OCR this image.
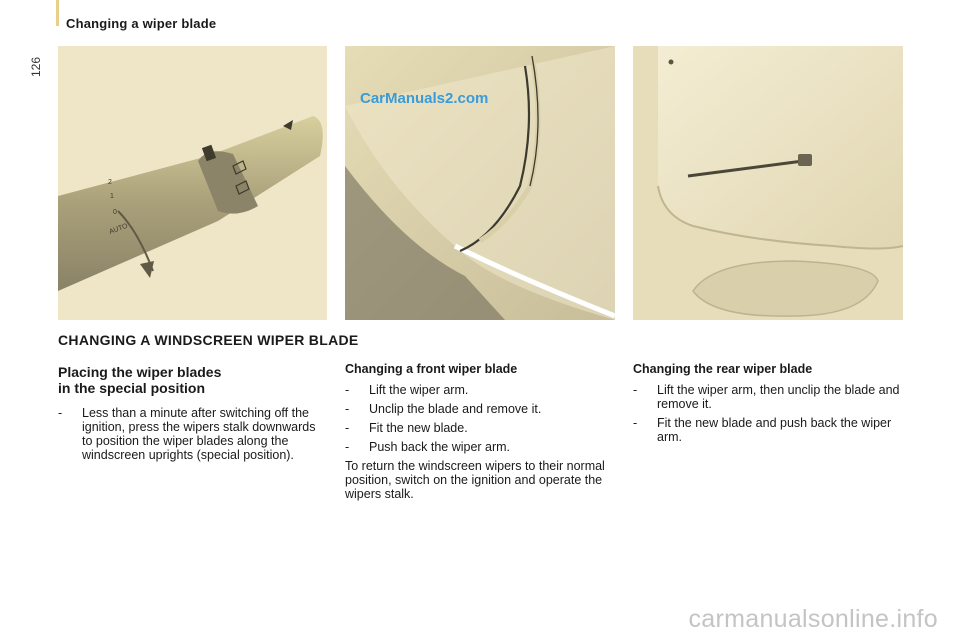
Changing a wiper blade
126
AUTO
0
1
2
CarManuals2.com
CHANGING A WINDSCREEN WIPER BLADE
Placing the wiper blades
in the special position
- Less than a minute after switching off the ignition, press the wipers stalk downwards to position the wiper blades along the windscreen uprights (special position).
Changing a front wiper blade
- Lift the wiper arm.
- Unclip the blade and remove it.
- Fit the new blade.
- Push back the wiper arm.
To return the windscreen wipers to their normal position, switch on the ignition and operate the wipers stalk.
Changing the rear wiper blade
- Lift the wiper arm, then unclip the blade and remove it.
- Fit the new blade and push back the wiper arm.
carmanualsonline.info
